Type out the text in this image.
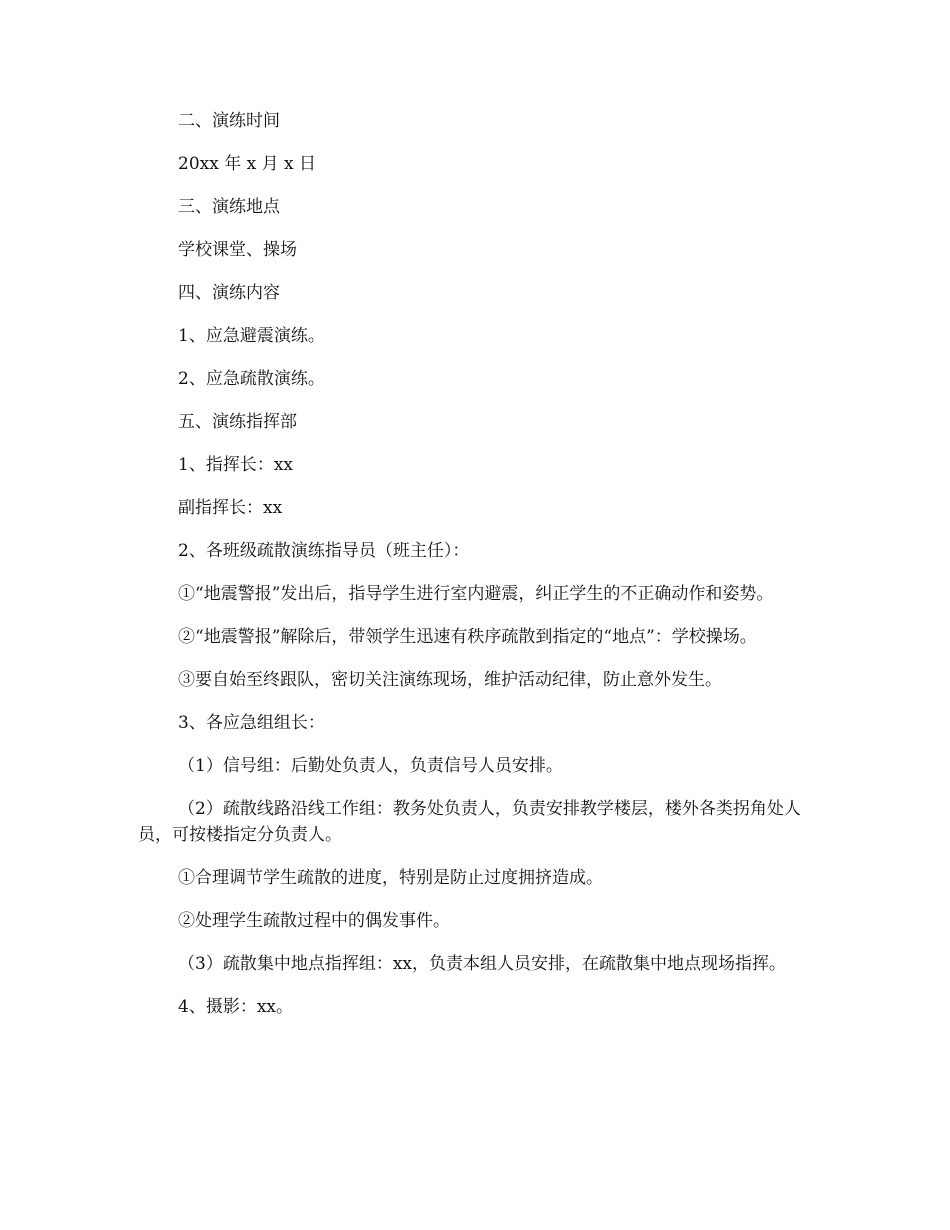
二、演练时间

20xx 年 x 月 x 日

三、演练地点

学校课堂、操场

四、演练内容

1、应急避震演练。

2、应急疏散演练。

五、演练指挥部

1、指挥长：xx

副指挥长：xx

2、各班级疏散演练指导员（班主任）：

①“地震警报”发出后，指导学生进行室内避震，纠正学生的不正确动作和姿势。

②“地震警报”解除后，带领学生迅速有秩序疏散到指定的“地点”：学校操场。

③要自始至终跟队，密切关注演练现场，维护活动纪律，防止意外发生。

3、各应急组组长：

（1）信号组：后勤处负责人，负责信号人员安排。

（2）疏散线路沿线工作组：教务处负责人，负责安排教学楼层，楼外各类拐角处人员，可按楼指定分负责人。

①合理调节学生疏散的进度，特别是防止过度拥挤造成。

②处理学生疏散过程中的偶发事件。

（3）疏散集中地点指挥组：xx，负责本组人员安排，在疏散集中地点现场指挥。

4、摄影：xx。
